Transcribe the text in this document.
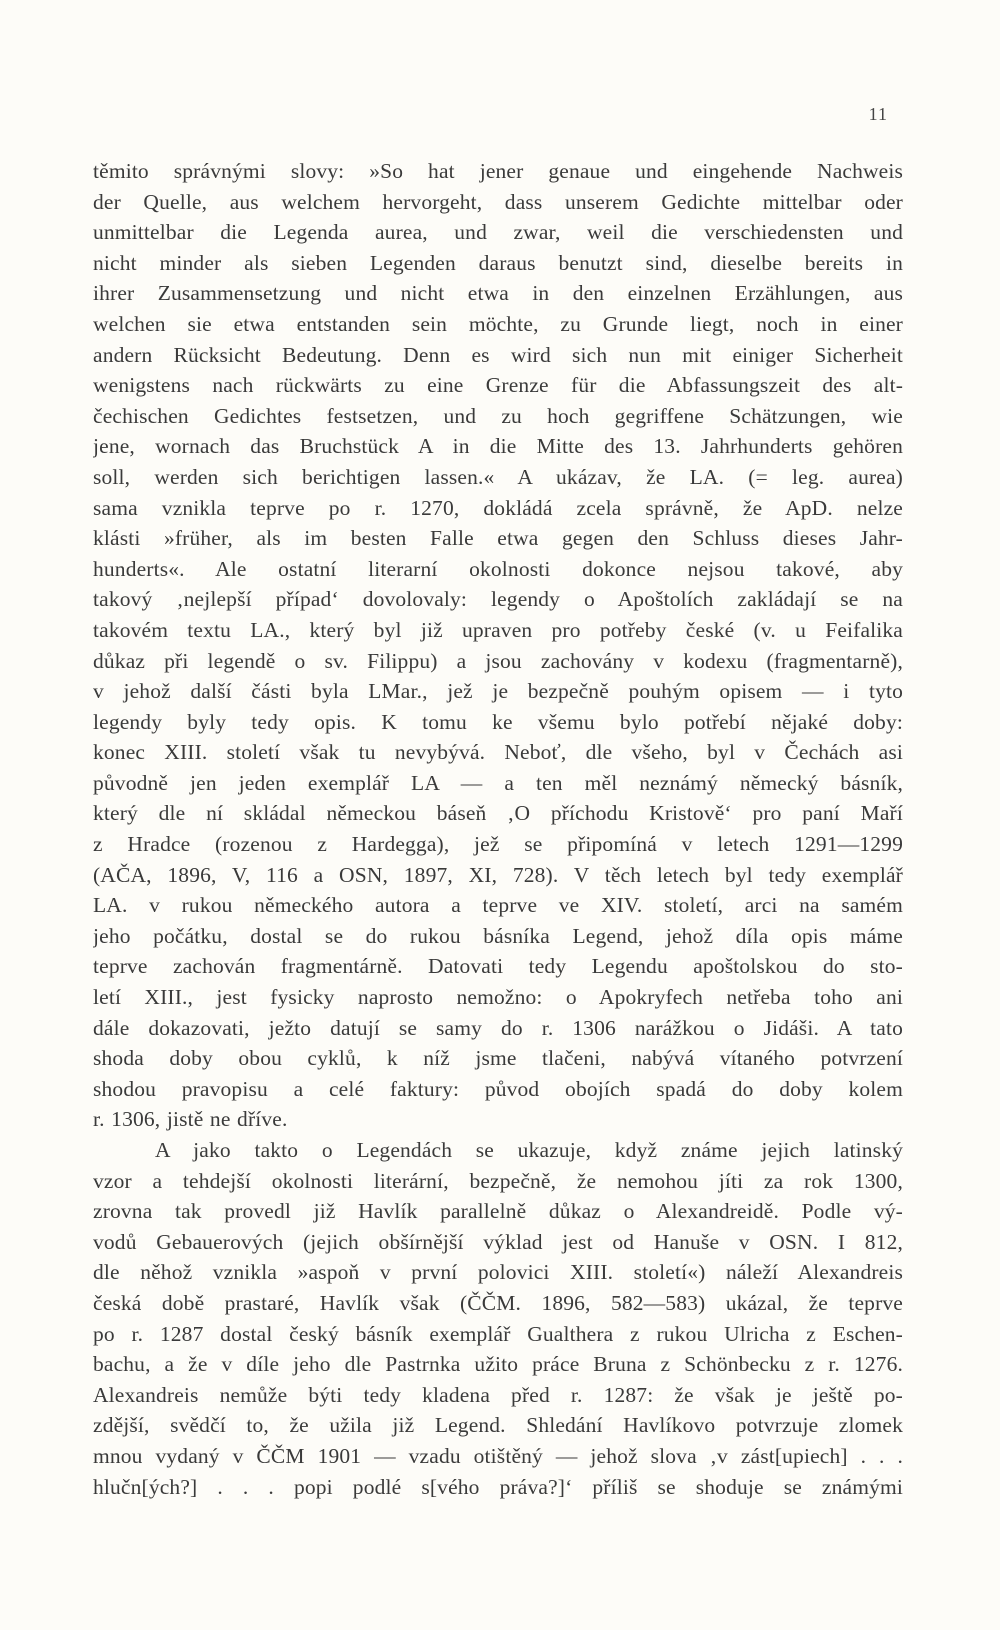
11
těmito správnými slovy: »So hat jener genaue und eingehende Nachweis
der Quelle, aus welchem hervorgeht, dass unserem Gedichte mittelbar oder
unmittelbar die Legenda aurea, und zwar, weil die verschiedensten und
nicht minder als sieben Legenden daraus benutzt sind, dieselbe bereits in
ihrer Zusammensetzung und nicht etwa in den einzelnen Erzählungen, aus
welchen sie etwa entstanden sein möchte, zu Grunde liegt, noch in einer
andern Rücksicht Bedeutung. Denn es wird sich nun mit einiger Sicherheit
wenigstens nach rückwärts zu eine Grenze für die Abfassungszeit des alt-
čechischen Gedichtes festsetzen, und zu hoch gegriffene Schätzungen, wie
jene, wornach das Bruchstück A in die Mitte des 13. Jahrhunderts gehören
soll, werden sich berichtigen lassen.« A ukázav, že LA. (= leg. aurea)
sama vznikla teprve po r. 1270, dokládá zcela správně, že ApD. nelze
klásti »früher, als im besten Falle etwa gegen den Schluss dieses Jahr-
hunderts«. Ale ostatní literarní okolnosti dokonce nejsou takové, aby
takový ‚nejlepší případ‘ dovolovaly: legendy o Apoštolích zakládají se na
takovém textu LA., který byl již upraven pro potřeby české (v. u Feifalika
důkaz při legendě o sv. Filippu) a jsou zachovány v kodexu (fragmentarně),
v jehož další části byla LMar., jež je bezpečně pouhým opisem — i tyto
legendy byly tedy opis. K tomu ke všemu bylo potřebí nějaké doby:
konec XIII. století však tu nevybývá. Neboť, dle všeho, byl v Čechách asi
původně jen jeden exemplář LA — a ten měl neznámý německý básník,
který dle ní skládal německou báseň ‚O příchodu Kristově‘ pro paní Maří
z Hradce (rozenou z Hardegga), jež se připomíná v letech 1291—1299
(AČA, 1896, V, 116 a OSN, 1897, XI, 728). V těch letech byl tedy exemplář
LA. v rukou německého autora a teprve ve XIV. století, arci na samém
jeho počátku, dostal se do rukou básníka Legend, jehož díla opis máme
teprve zachován fragmentárně. Datovati tedy Legendu apoštolskou do sto-
letí XIII., jest fysicky naprosto nemožno: o Apokryfech netřeba toho ani
dále dokazovati, ježto datují se samy do r. 1306 narážkou o Jidáši. A tato
shoda doby obou cyklů, k níž jsme tlačeni, nabývá vítaného potvrzení
shodou pravopisu a celé faktury: původ obojích spadá do doby kolem
r. 1306, jistě ne dříve.
A jako takto o Legendách se ukazuje, když známe jejich latinský
vzor a tehdejší okolnosti literární, bezpečně, že nemohou jíti za rok 1300,
zrovna tak provedl již Havlík parallelně důkaz o Alexandreidě. Podle vý-
vodů Gebauerových (jejich obšírnější výklad jest od Hanuše v OSN. I 812,
dle něhož vznikla »aspoň v první polovici XIII. století«) náleží Alexandreis
česká době prastaré, Havlík však (ČČM. 1896, 582—583) ukázal, že teprve
po r. 1287 dostal český básník exemplář Gualthera z rukou Ulricha z Eschen-
bachu, a že v díle jeho dle Pastrnka užito práce Bruna z Schönbecku z r. 1276.
Alexandreis nemůže býti tedy kladena před r. 1287: že však je ještě po-
zdější, svědčí to, že užila již Legend. Shledání Havlíkovo potvrzuje zlomek
mnou vydaný v ČČM 1901 — vzadu otištěný — jehož slova ‚v zást[upiech] . . .
hlučn[ých?] . . . popi podlé s[vého práva?]‘ příliš se shoduje se známými
